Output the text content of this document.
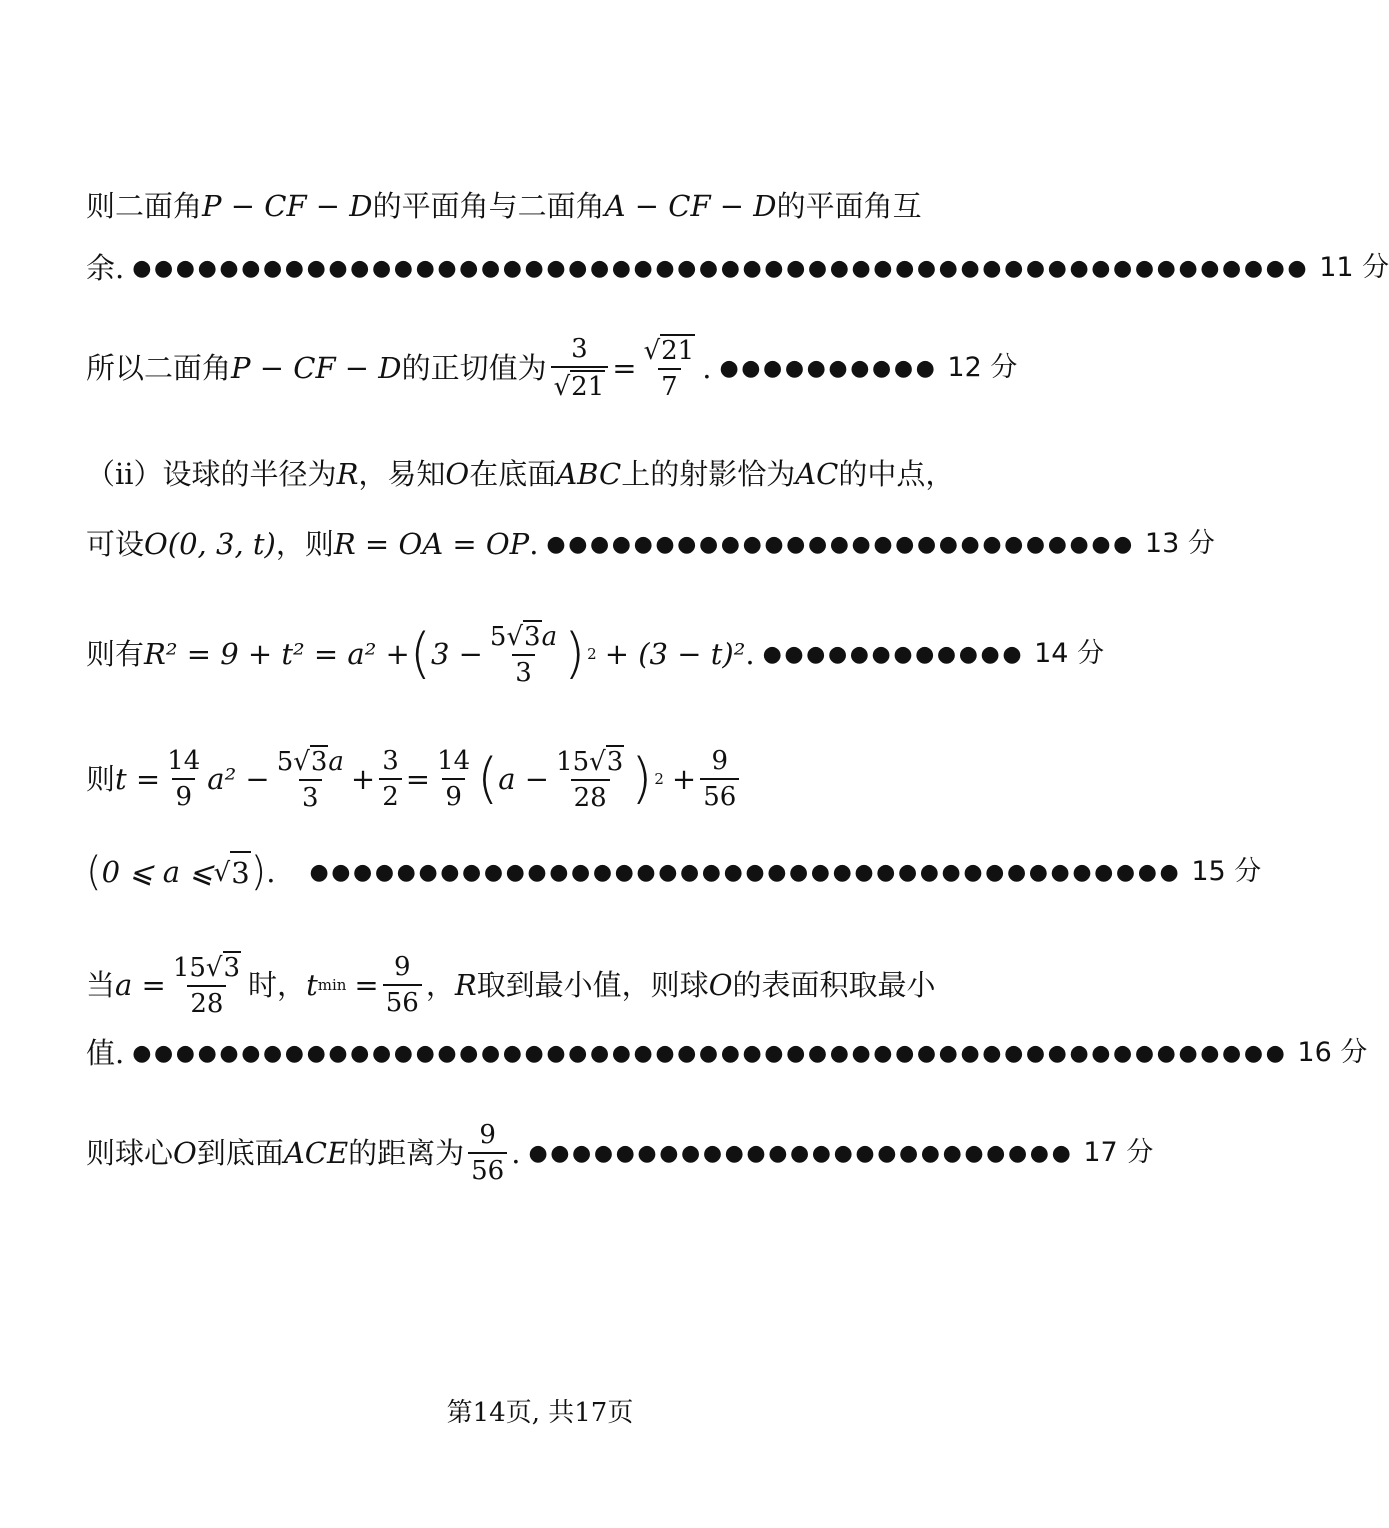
则二面角 P − CF − D 的平面角与二面角 A − CF − D 的平面角互
余. ●●●●●●●●●●●●●●●●●●●●●●●●●●●●●●●●●●●●●●●●●●●●●●●●●●●●●● 11 分
所以二面角 P − CF − D 的正切值为 $\frac{3}{√ 21} = \frac{√ 21}{7}$ . ●●●●●●●●●● 12 分
（ii）设球的半径为 R ，易知 O 在底面 ABC 上的射影恰为 AC 的中点，
可设 O(0, 3, t) ，则 R = OA = OP . ●●●●●●●●●●●●●●●●●●●●●●●●●●● 13 分
则有 R² = 9 + t² = a² + ( $3 - \frac{5 √ 3 a}{3}$ ) 2 + (3 − t)² . ●●●●●●●●●●●● 14 分
则 $t = \frac{14}{9} a^2 - \frac{5 √ 3 a}{3} + \frac{3}{2} = \frac{14}{9}$ ( $a - \frac{15 √ 3}{28}$ ) $2 + \frac{9}{56}$
( 0 ⩽ a ⩽ √ 3 ) . ●●●●●●●●●●●●●●●●●●●●●●●●●●●●●●●●●●●●●●●● 15 分
当 $a = \frac{15 √ 3}{28}$ 时， t $\min = \frac{9}{56}$ ， R 取到最小值，则球 O 的表面积取最小
值. ●●●●●●●●●●●●●●●●●●●●●●●●●●●●●●●●●●●●●●●●●●●●●●●●●●●●● 16 分
则球心 O 到底面 ACE 的距离为 $\frac{9}{56}$ . ●●●●●●●●●●●●●●●●●●●●●●●●● 17 分
第14页, 共17页
